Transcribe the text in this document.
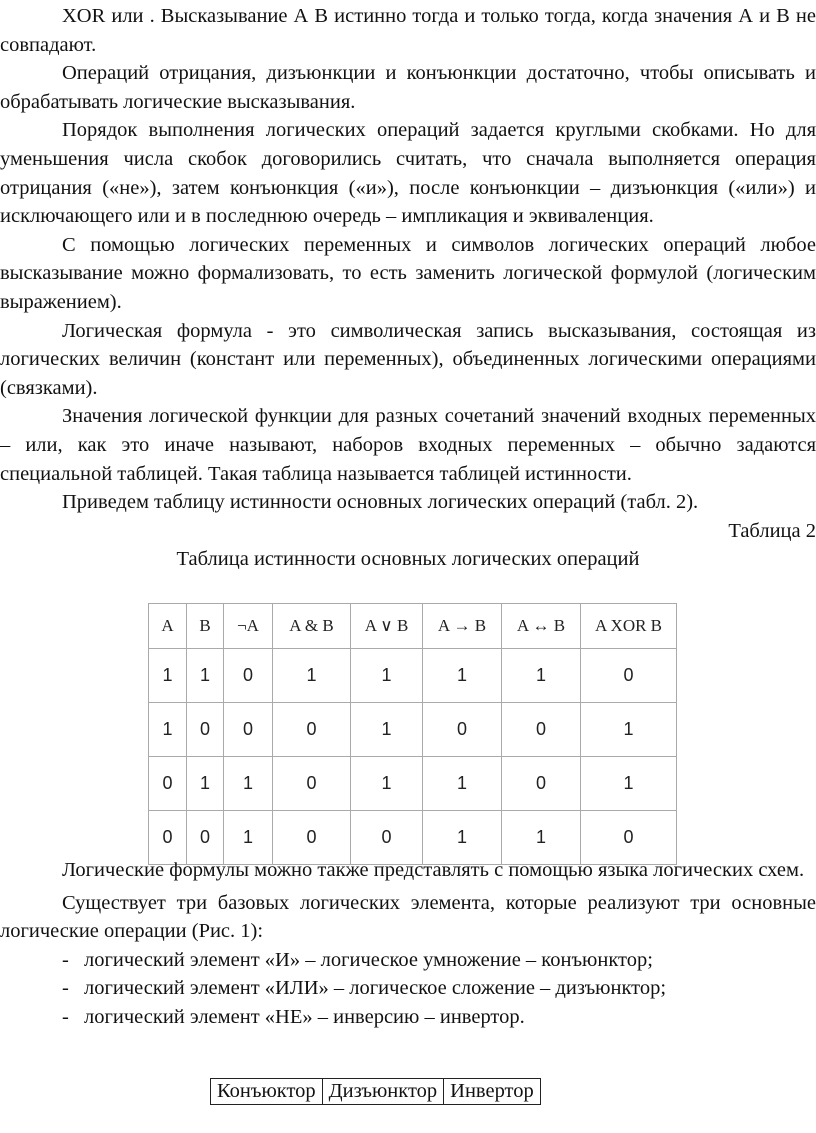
XOR или . Высказывание А В истинно тогда и только тогда, когда значения А и В не совпадают.

Операций отрицания, дизъюнкции и конъюнкции достаточно, чтобы описывать и обрабатывать логические высказывания.

Порядок выполнения логических операций задается круглыми скобками. Но для уменьшения числа скобок договорились считать, что сначала выполняется операция отрицания («не»), затем конъюнкция («и»), после конъюнкции – дизъюнкция («или») и исключающего или и в последнюю очередь – импликация и эквиваленция.

С помощью логических переменных и символов логических операций любое высказывание можно формализовать, то есть заменить логической формулой (логическим выражением).

Логическая формула - это символическая запись высказывания, состоящая из логических величин (констант или переменных), объединенных логическими операциями (связками).

Значения логической функции для разных сочетаний значений входных переменных – или, как это иначе называют, наборов входных переменных – обычно задаются специальной таблицей. Такая таблица называется таблицей истинности.

Приведем таблицу истинности основных логических операций (табл. 2).

Таблица 2

Таблица истинности основных логических операций

A	B	¬A	A & B	A ∨ B	A → B	A ↔ B	A XOR B
1	1	0	1	1	1	1	0
1	0	0	0	1	0	0	1
0	1	1	0	1	1	0	1
0	0	1	0	0	1	1	0

Логические формулы можно также представлять с помощью языка логических схем.

Существует три базовых логических элемента, которые реализуют три основные логические операции (Рис. 1):

- логический элемент «И» – логическое умножение – конъюнктор;

- логический элемент «ИЛИ» – логическое сложение – дизъюнктор;

- логический элемент «НЕ» – инверсию – инвертор.

Конъюктор	Дизъюнктор	Инвертор
